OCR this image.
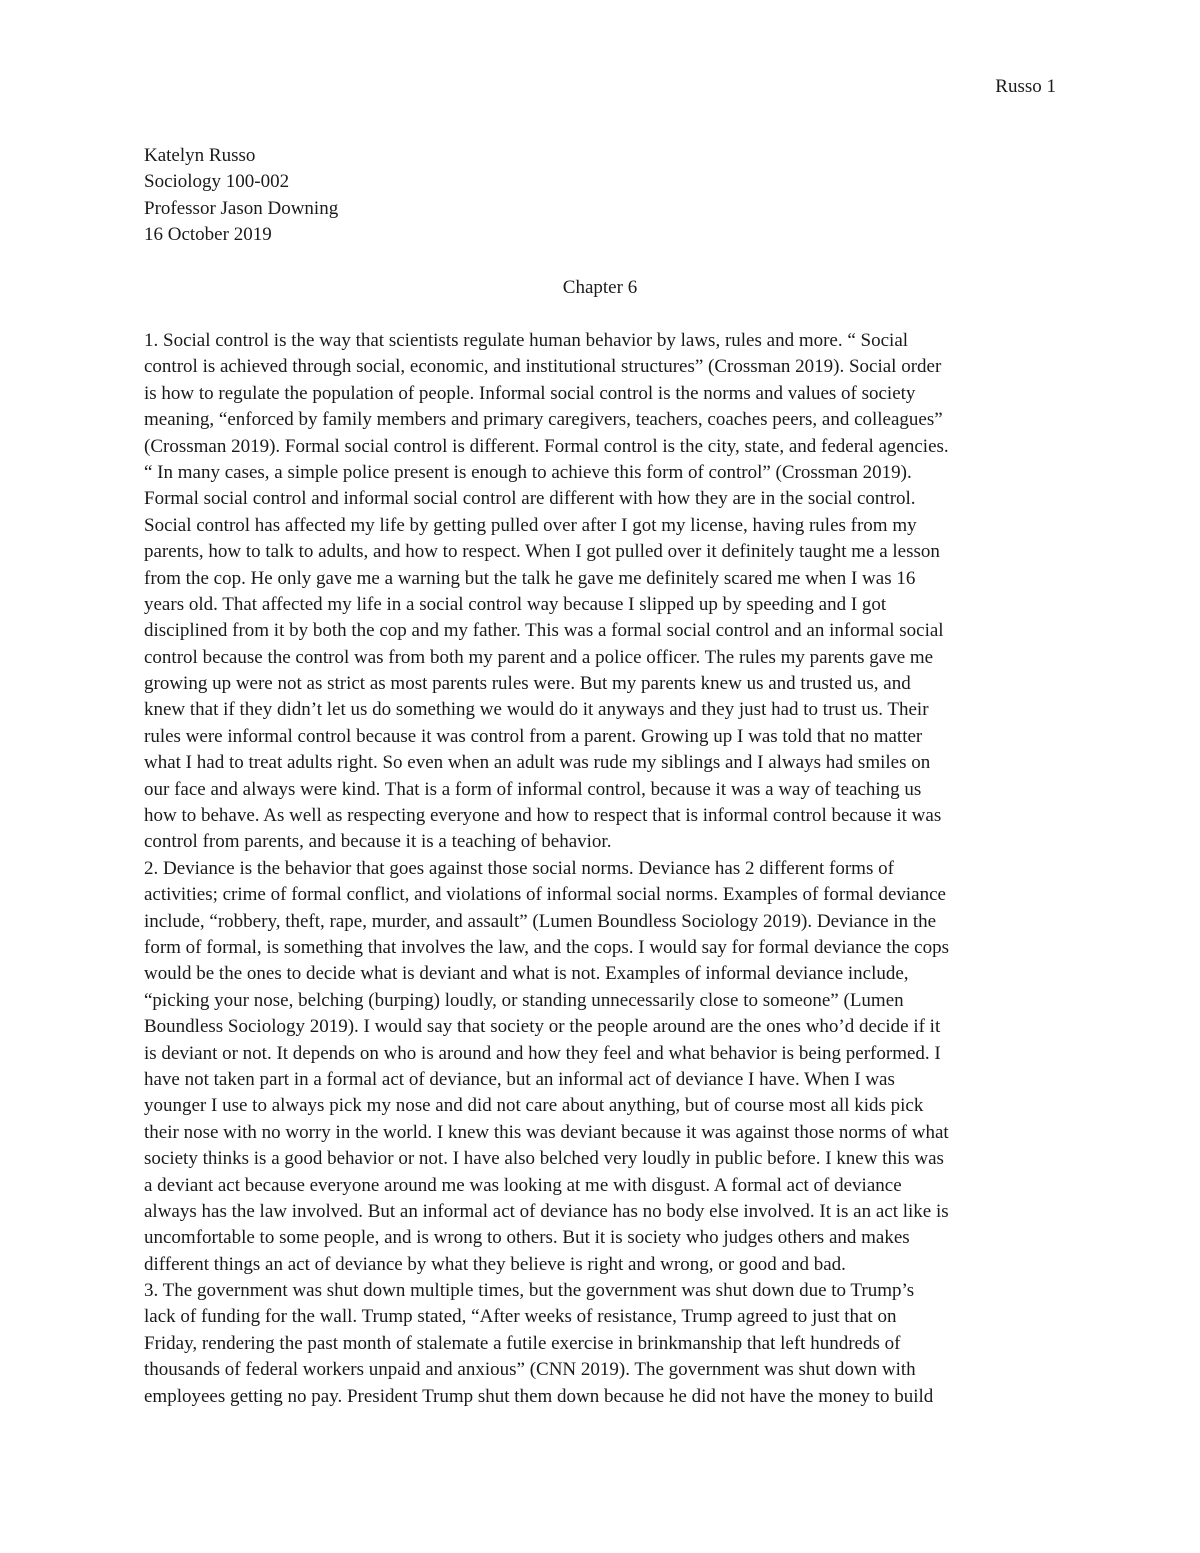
Russo 1
Katelyn Russo
Sociology 100-002
Professor Jason Downing
16 October 2019
Chapter 6
1. Social control is the way that scientists regulate human behavior by laws, rules and more. “ Social
control is achieved through social, economic, and institutional structures” (Crossman 2019). Social order
is how to regulate the population of people. Informal social control is the norms and values of society
meaning, “enforced by family members and primary caregivers, teachers, coaches peers, and colleagues”
(Crossman 2019). Formal social control is different. Formal control is the city, state, and federal agencies.
“ In many cases, a simple police present is enough to achieve this form of control” (Crossman 2019).
Formal social control and informal social control are different with how they are in the social control.
Social control has affected my life by getting pulled over after I got my license, having rules from my
parents, how to talk to adults, and how to respect. When I got pulled over it definitely taught me a lesson
from the cop. He only gave me a warning but the talk he gave me definitely scared me when I was 16
years old. That affected my life in a social control way because I slipped up by speeding and I got
disciplined from it by both the cop and my father. This was a formal social control and an informal social
control because the control was from both my parent and a police officer. The rules my parents gave me
growing up were not as strict as most parents rules were. But my parents knew us and trusted us, and
knew that if they didn’t let us do something we would do it anyways and they just had to trust us. Their
rules were informal control because it was control from a parent. Growing up I was told that no matter
what I had to treat adults right. So even when an adult was rude my siblings and I always had smiles on
our face and always were kind. That is a form of informal control, because it was a way of teaching us
how to behave. As well as respecting everyone and how to respect that is informal control because it was
control from parents, and because it is a teaching of behavior.
2. Deviance is the behavior that goes against those social norms. Deviance has 2 different forms of
activities; crime of formal conflict, and violations of informal social norms. Examples of formal deviance
include, “robbery, theft, rape, murder, and assault” (Lumen Boundless Sociology 2019). Deviance in the
form of formal, is something that involves the law, and the cops. I would say for formal deviance the cops
would be the ones to decide what is deviant and what is not. Examples of informal deviance include,
“picking your nose, belching (burping) loudly, or standing unnecessarily close to someone” (Lumen
Boundless Sociology 2019). I would say that society or the people around are the ones who’d decide if it
is deviant or not. It depends on who is around and how they feel and what behavior is being performed. I
have not taken part in a formal act of deviance, but an informal act of deviance I have. When I was
younger I use to always pick my nose and did not care about anything, but of course most all kids pick
their nose with no worry in the world. I knew this was deviant because it was against those norms of what
society thinks is a good behavior or not. I have also belched very loudly in public before. I knew this was
a deviant act because everyone around me was looking at me with disgust. A formal act of deviance
always has the law involved. But an informal act of deviance has no body else involved. It is an act like is
uncomfortable to some people, and is wrong to others. But it is society who judges others and makes
different things an act of deviance by what they believe is right and wrong, or good and bad.
3. The government was shut down multiple times, but the government was shut down due to Trump’s
lack of funding for the wall. Trump stated, “After weeks of resistance, Trump agreed to just that on
Friday, rendering the past month of stalemate a futile exercise in brinkmanship that left hundreds of
thousands of federal workers unpaid and anxious” (CNN 2019). The government was shut down with
employees getting no pay. President Trump shut them down because he did not have the money to build
